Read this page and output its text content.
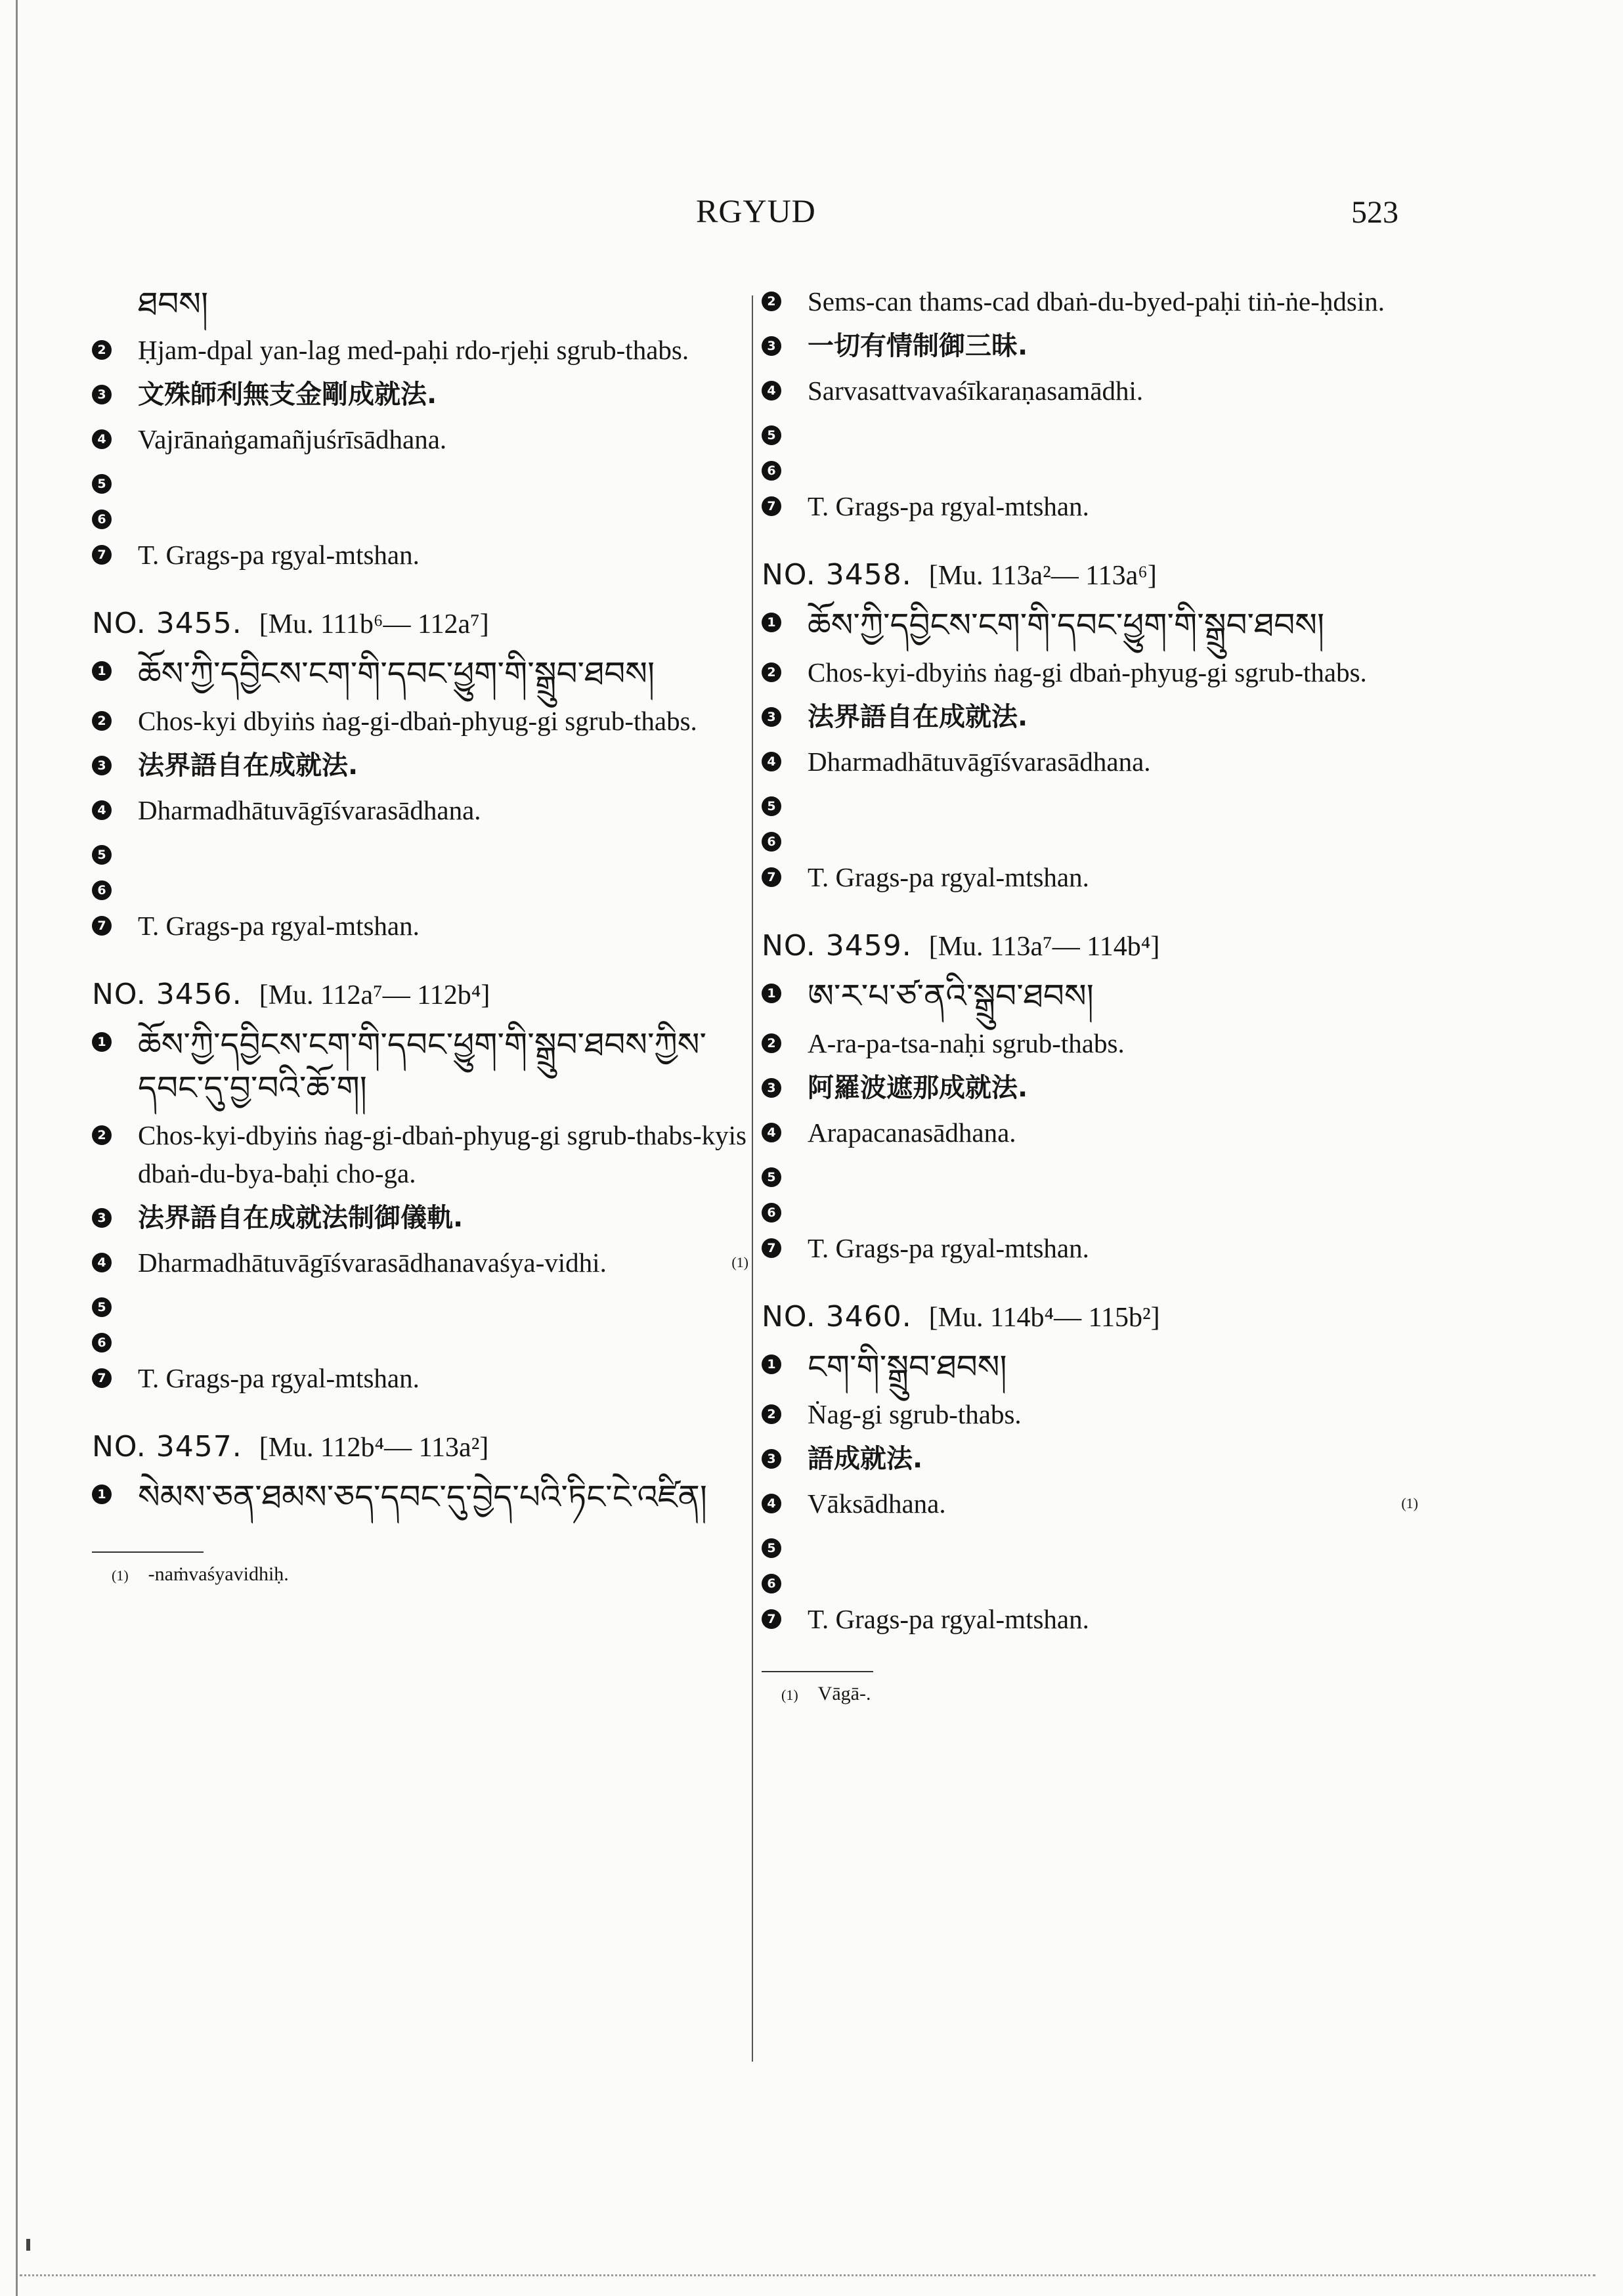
RGYUD	523
ཐབས།
2 Ḥjam-dpal yan-lag med-paḥi rdo-rjeḥi sgrub-thabs.
3 文殊師利無支金剛成就法.
4 Vajrānaṅgamañjuśrīsādhana.
5
6
7 T. Grags-pa rgyal-mtshan.
NO. 3455. [Mu. 111b⁶— 112a⁷]
1 ཆོས་ཀྱི་དབྱིངས་ངག་གི་དབང་ཕྱུག་གི་སྒྲུབ་ཐབས།
2 Chos-kyi dbyiṅs ṅag-gi-dbaṅ-phyug-gi sgrub-thabs.
3 法界語自在成就法.
4 Dharmadhātuvāgīśvarasādhana.
5
6
7 T. Grags-pa rgyal-mtshan.
NO. 3456. [Mu. 112a⁷— 112b⁴]
1 ཆོས་ཀྱི་དབྱིངས་ངག་གི་དབང་ཕྱུག་གི་སྒྲུབ་ཐབས་ཀྱིས་དབང་དུ་བྱ་བའི་ཆོ་ག།
2 Chos-kyi-dbyiṅs ṅag-gi-dbaṅ-phyug-gi sgrub-thabs-kyis dbaṅ-du-bya-baḥi cho-ga.
3 法界語自在成就法制御儀軌.
4 Dharmadhātuvāgīśvarasādhanavaśya-vidhi.	(1)
5
6
7 T. Grags-pa rgyal-mtshan.
NO. 3457. [Mu. 112b⁴— 113a²]
1 སེམས་ཅན་ཐམས་ཅད་དབང་དུ་བྱེད་པའི་ཏིང་ངེ་འཛིན།
(1) -naṁvaśyavidhiḥ.
2 Sems-can thams-cad dbaṅ-du-byed-paḥi tiṅ-ṅe-ḥdsin.
3 一切有情制御三昧.
4 Sarvasattvavaśīkaraṇasamādhi.
5
6
7 T. Grags-pa rgyal-mtshan.
NO. 3458. [Mu. 113a²— 113a⁶]
1 ཆོས་ཀྱི་དབྱིངས་ངག་གི་དབང་ཕྱུག་གི་སྒྲུབ་ཐབས།
2 Chos-kyi-dbyiṅs ṅag-gi dbaṅ-phyug-gi sgrub-thabs.
3 法界語自在成就法.
4 Dharmadhātuvāgīśvarasādhana.
5
6
7 T. Grags-pa rgyal-mtshan.
NO. 3459. [Mu. 113a⁷— 114b⁴]
1 ཨ་ར་པ་ཙ་ནའི་སྒྲུབ་ཐབས།
2 A-ra-pa-tsa-naḥi sgrub-thabs.
3 阿羅波遮那成就法.
4 Arapacanasādhana.
5
6
7 T. Grags-pa rgyal-mtshan.
NO. 3460. [Mu. 114b⁴— 115b²]
1 ངག་གི་སྒྲུབ་ཐབས།
2 Ṅag-gi sgrub-thabs.
3 語成就法.
4 Vāksādhana.	(1)
5
6
7 T. Grags-pa rgyal-mtshan.
(1) Vāgā-.
